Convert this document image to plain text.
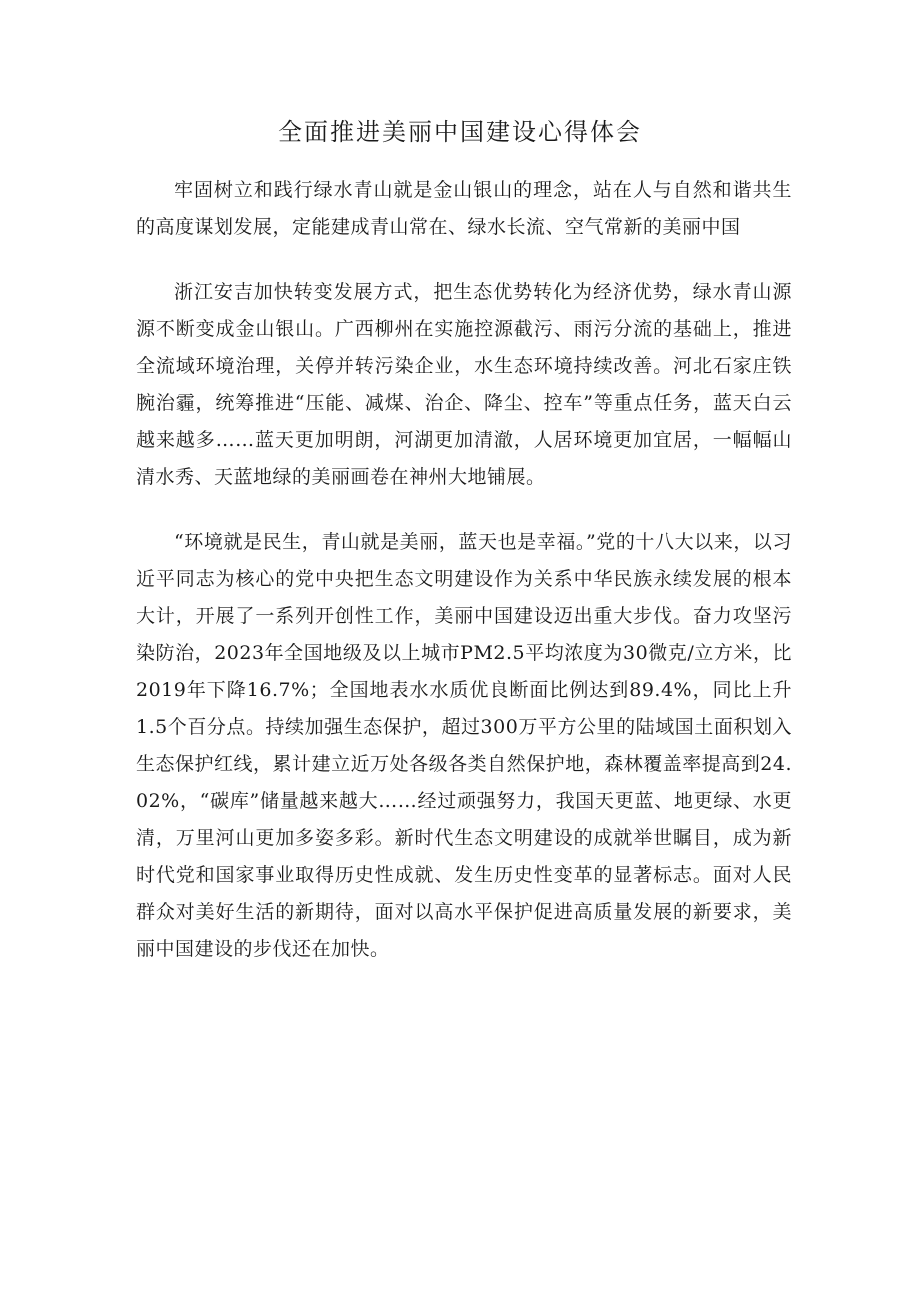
全面推进美丽中国建设心得体会

牢固树立和践行绿水青山就是金山银山的理念，站在人与自然和谐共生的高度谋划发展，定能建成青山常在、绿水长流、空气常新的美丽中国

浙江安吉加快转变发展方式，把生态优势转化为经济优势，绿水青山源源不断变成金山银山。广西柳州在实施控源截污、雨污分流的基础上，推进全流域环境治理，关停并转污染企业，水生态环境持续改善。河北石家庄铁腕治霾，统筹推进“压能、减煤、治企、降尘、控车”等重点任务，蓝天白云越来越多……蓝天更加明朗，河湖更加清澈，人居环境更加宜居，一幅幅山清水秀、天蓝地绿的美丽画卷在神州大地铺展。

“环境就是民生，青山就是美丽，蓝天也是幸福。”党的十八大以来，以习近平同志为核心的党中央把生态文明建设作为关系中华民族永续发展的根本大计，开展了一系列开创性工作，美丽中国建设迈出重大步伐。奋力攻坚污染防治，2023年全国地级及以上城市PM2.5平均浓度为30微克/立方米，比2019年下降16.7%；全国地表水水质优良断面比例达到89.4%，同比上升1.5个百分点。持续加强生态保护，超过300万平方公里的陆域国土面积划入生态保护红线，累计建立近万处各级各类自然保护地，森林覆盖率提高到24.02%，“碳库”储量越来越大……经过顽强努力，我国天更蓝、地更绿、水更清，万里河山更加多姿多彩。新时代生态文明建设的成就举世瞩目，成为新时代党和国家事业取得历史性成就、发生历史性变革的显著标志。面对人民群众对美好生活的新期待，面对以高水平保护促进高质量发展的新要求，美丽中国建设的步伐还在加快。
